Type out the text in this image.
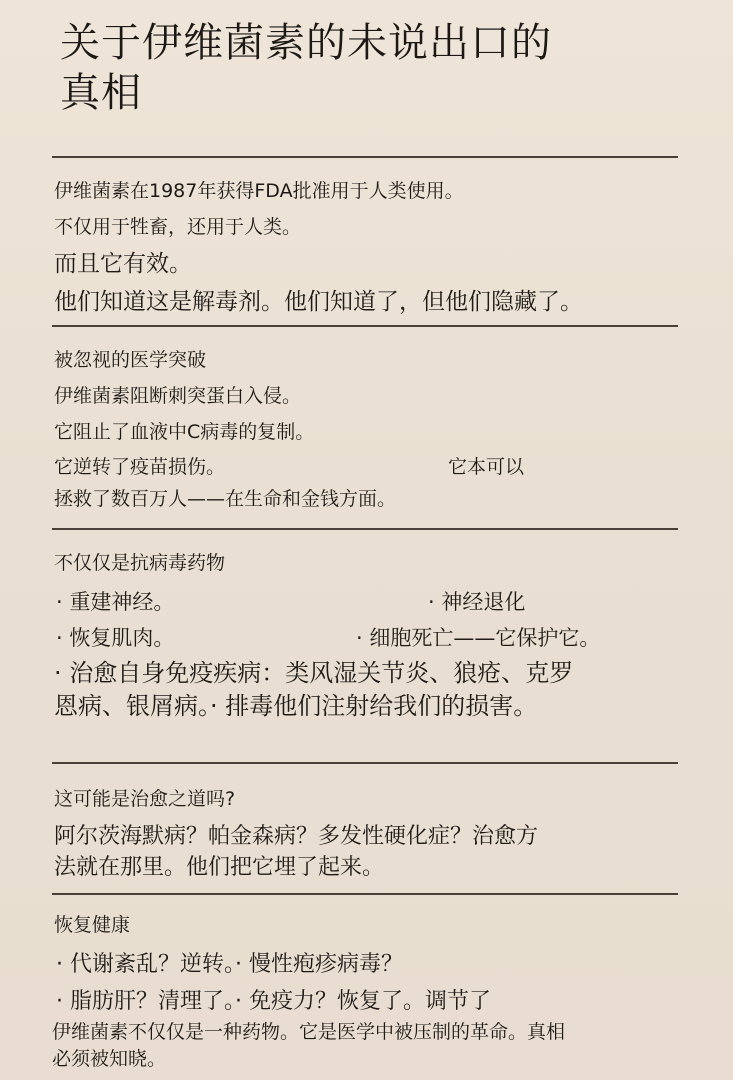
关于伊维菌素的未说出口的
真相
伊维菌素在1987年获得FDA批准用于人类使用。
不仅用于牲畜，还用于人类。
而且它有效。
他们知道这是解毒剂。他们知道了，但他们隐藏了。
被忽视的医学突破
伊维菌素阻断刺突蛋白入侵。
它阻止了血液中C病毒的复制。
它逆转了疫苗损伤。	它本可以
拯救了数百万人——在生命和金钱方面。
不仅仅是抗病毒药物
· 重建神经。	· 神经退化
· 恢复肌肉。	· 细胞死亡——它保护它。
· 治愈自身免疫疾病：类风湿关节炎、狼疮、克罗
恩病、银屑病。· 排毒他们注射给我们的损害。
这可能是治愈之道吗?
阿尔茨海默病？帕金森病？多发性硬化症？治愈方
法就在那里。他们把它埋了起来。
恢复健康
· 代谢紊乱？逆转。· 慢性疱疹病毒？
· 脂肪肝？清理了。· 免疫力？恢复了。调节了
伊维菌素不仅仅是一种药物。它是医学中被压制的革命。真相
必须被知晓。
